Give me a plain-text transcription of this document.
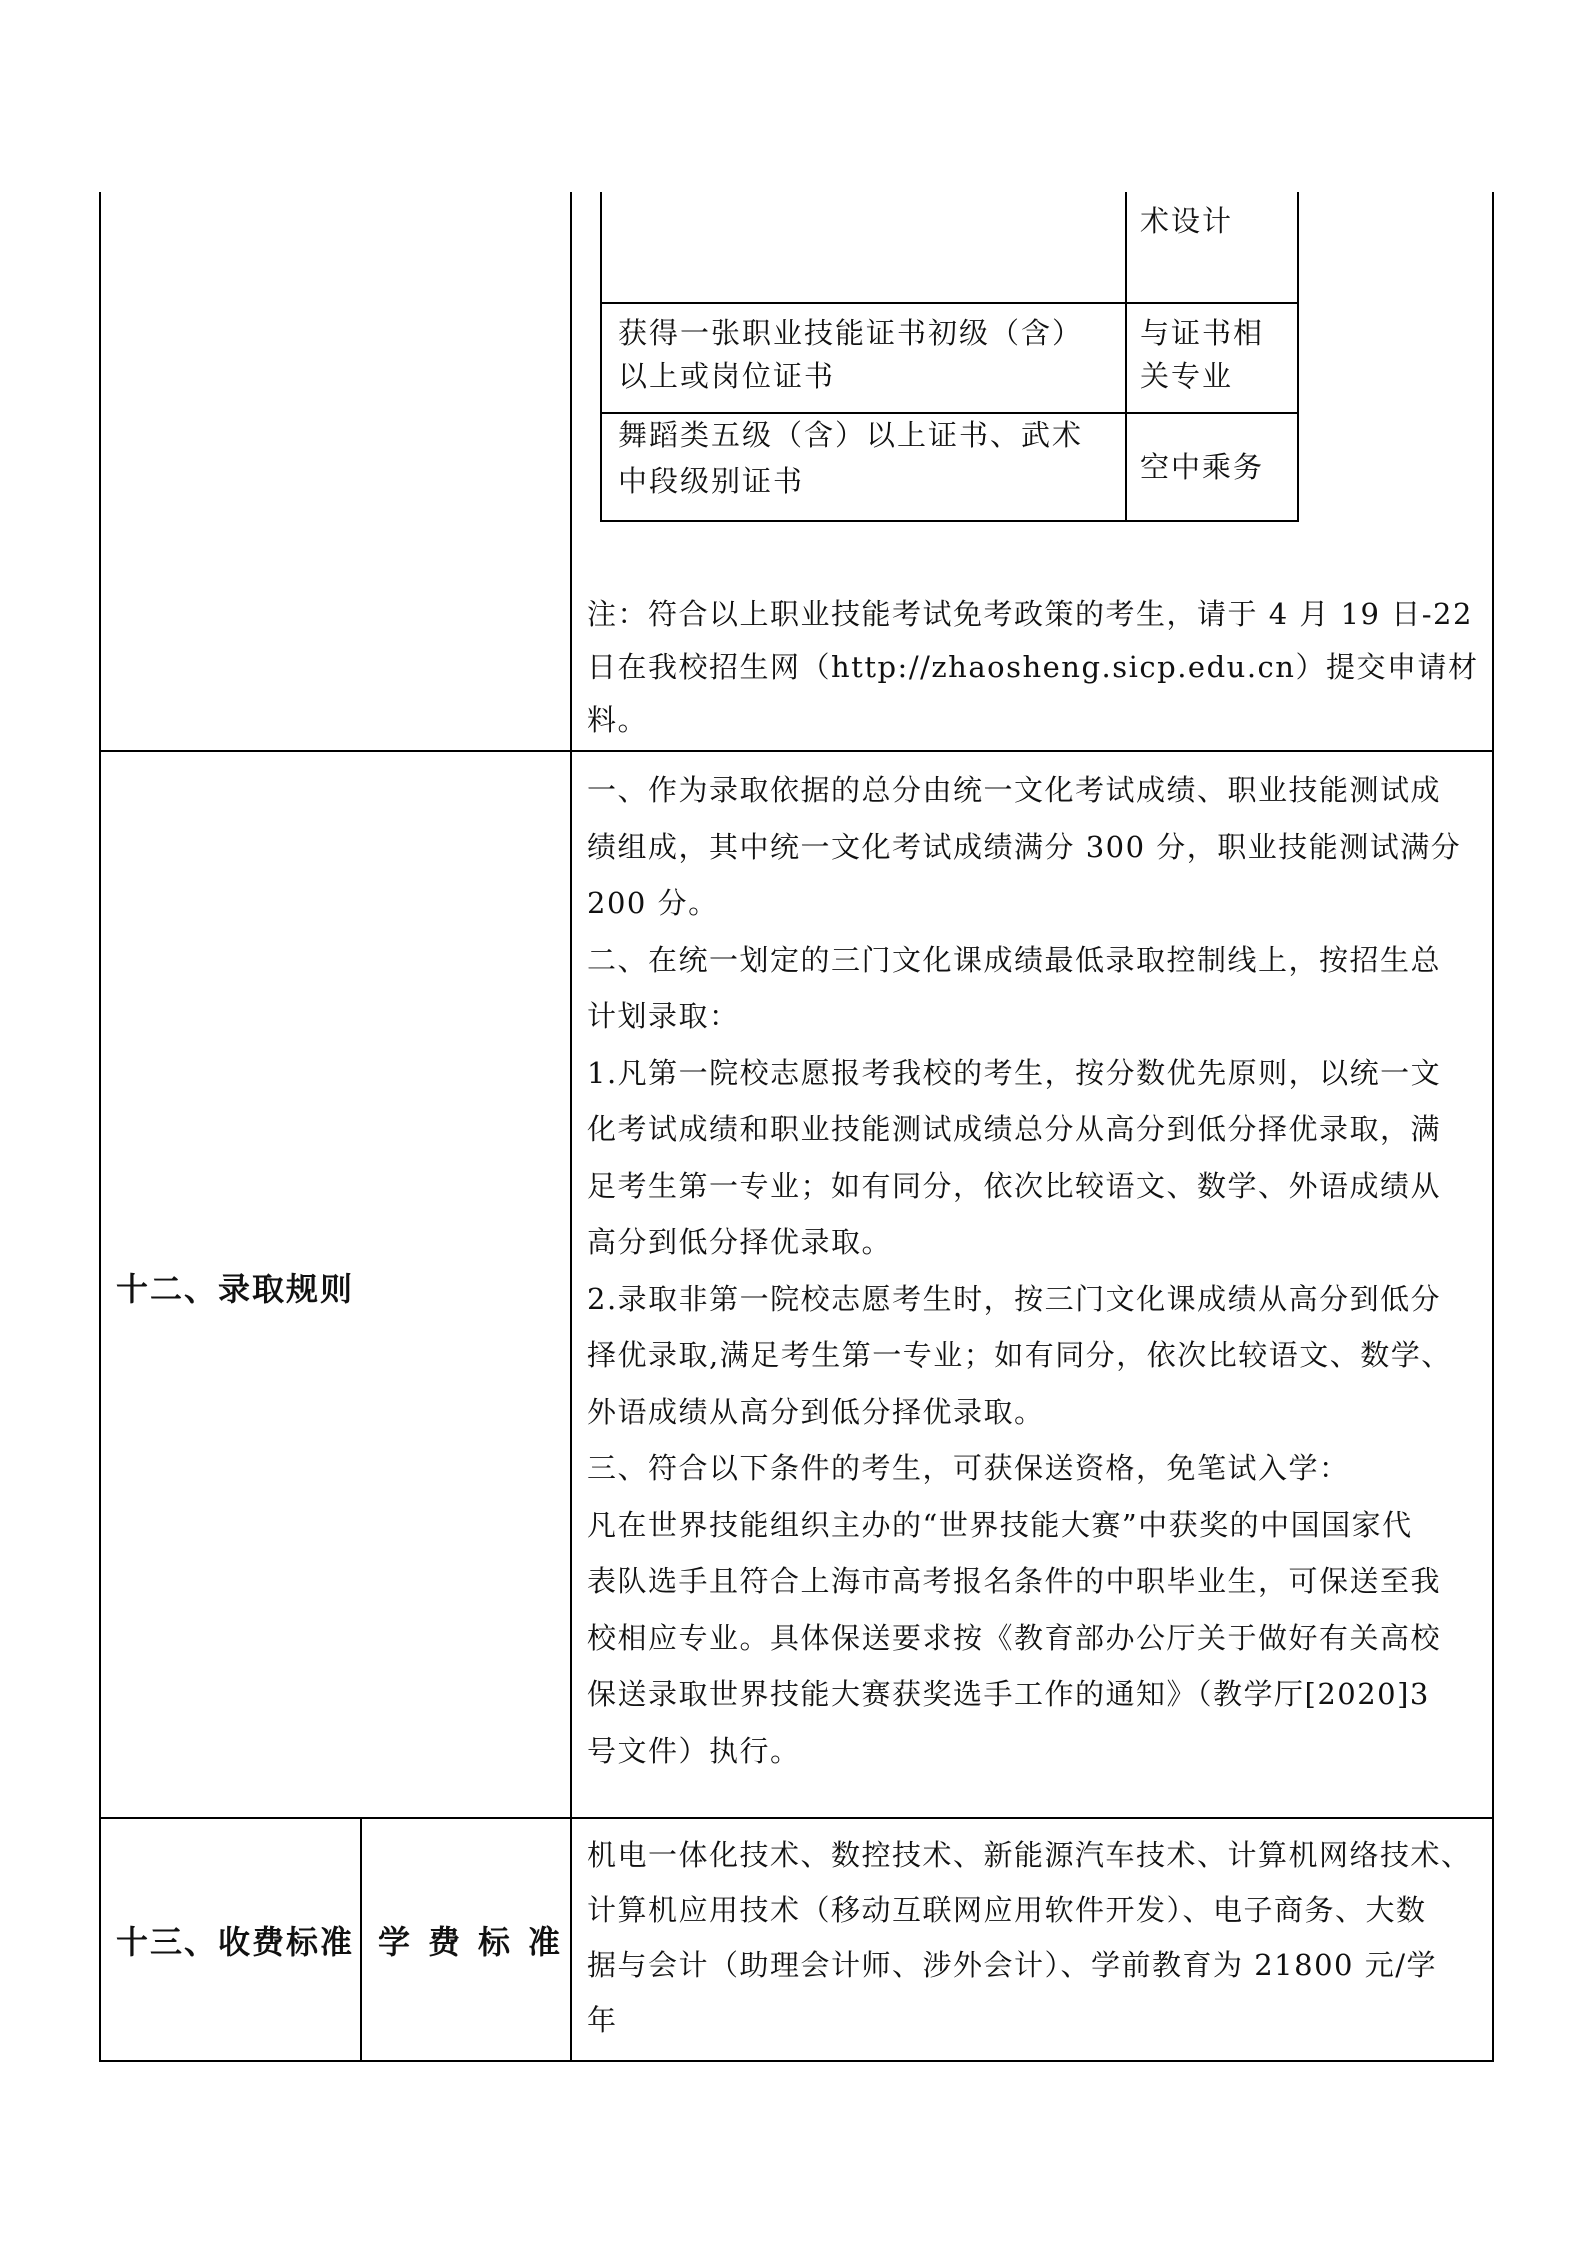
术设计

获得一张职业技能证书初级（含）

以上或岗位证书

与证书相

关专业

舞蹈类五级（含）以上证书、武术

中段级别证书	空中乘务

注：符合以上职业技能考试免考政策的考生，请于 4 月 19 日-22

日在我校招生网（http://zhaosheng.sicp.edu.cn）提交申请材

料。

十二、录取规则

一、作为录取依据的总分由统一文化考试成绩、职业技能测试成

绩组成，其中统一文化考试成绩满分 300 分，职业技能测试满分

200 分。

二、在统一划定的三门文化课成绩最低录取控制线上，按招生总

计划录取：

1.凡第一院校志愿报考我校的考生，按分数优先原则，以统一文

化考试成绩和职业技能测试成绩总分从高分到低分择优录取，满

足考生第一专业；如有同分，依次比较语文、数学、外语成绩从

高分到低分择优录取。

2.录取非第一院校志愿考生时，按三门文化课成绩从高分到低分

择优录取,满足考生第一专业；如有同分，依次比较语文、数学、

外语成绩从高分到低分择优录取。

三、符合以下条件的考生，可获保送资格，免笔试入学：

凡在世界技能组织主办的“世界技能大赛”中获奖的中国国家代

表队选手且符合上海市高考报名条件的中职毕业生，可保送至我

校相应专业。具体保送要求按《教育部办公厅关于做好有关高校

保送录取世界技能大赛获奖选手工作的通知》（教学厅[2020]3

号文件）执行。

十三、收费标准 学费标准

机电一体化技术、数控技术、新能源汽车技术、计算机网络技术、

计算机应用技术（移动互联网应用软件开发）、电子商务、大数

据与会计（助理会计师、涉外会计）、学前教育为 21800 元/学

年
